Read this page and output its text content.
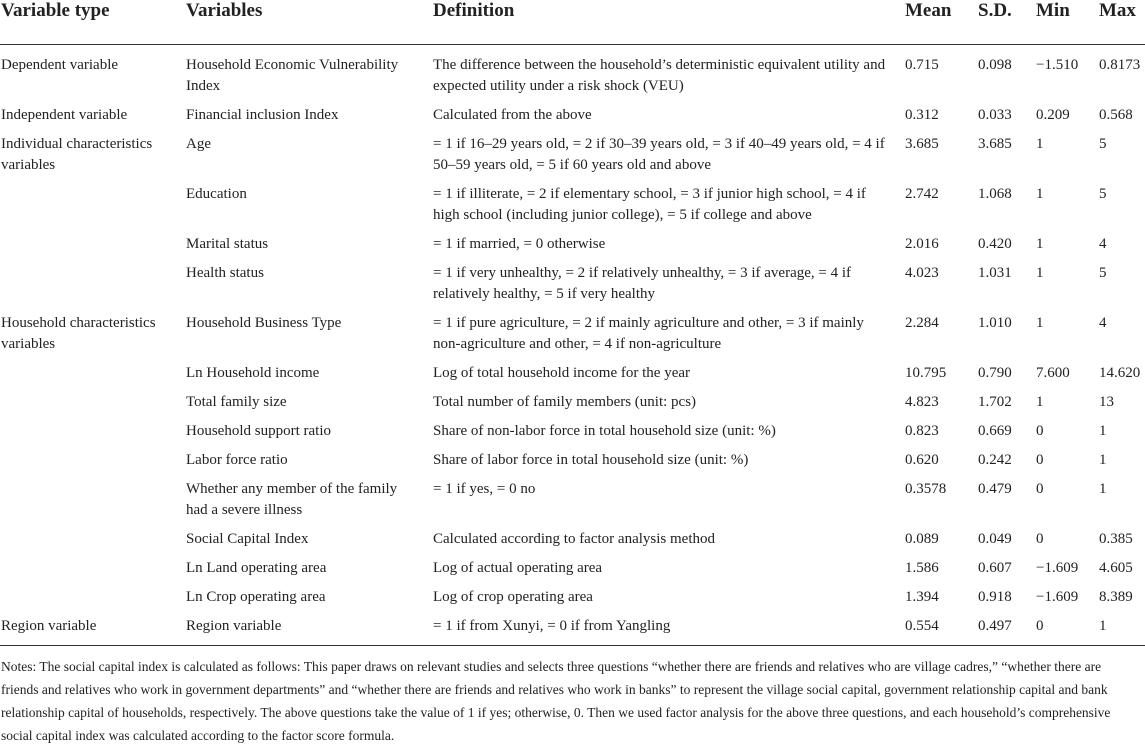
Variable type	Variables	Definition	Mean	S.D.	Min	Max
Dependent variable	Household Economic Vulnerability Index	The difference between the household’s deterministic equivalent utility and expected utility under a risk shock (VEU)	0.715	0.098	−1.510	0.8173
Independent variable	Financial inclusion Index	Calculated from the above	0.312	0.033	0.209	0.568
Individual characteristics variables	Age	= 1 if 16–29 years old, = 2 if 30–39 years old, = 3 if 40–49 years old, = 4 if 50–59 years old, = 5 if 60 years old and above	3.685	3.685	1	5
	Education	= 1 if illiterate, = 2 if elementary school, = 3 if junior high school, = 4 if high school (including junior college), = 5 if college and above	2.742	1.068	1	5
	Marital status	= 1 if married, = 0 otherwise	2.016	0.420	1	4
	Health status	= 1 if very unhealthy, = 2 if relatively unhealthy, = 3 if average, = 4 if relatively healthy, = 5 if very healthy	4.023	1.031	1	5
Household characteristics variables	Household Business Type	= 1 if pure agriculture, = 2 if mainly agriculture and other, = 3 if mainly non-agriculture and other, = 4 if non-agriculture	2.284	1.010	1	4
	Ln Household income	Log of total household income for the year	10.795	0.790	7.600	14.620
	Total family size	Total number of family members (unit: pcs)	4.823	1.702	1	13
	Household support ratio	Share of non-labor force in total household size (unit: %)	0.823	0.669	0	1
	Labor force ratio	Share of labor force in total household size (unit: %)	0.620	0.242	0	1
	Whether any member of the family had a severe illness	= 1 if yes, = 0 no	0.3578	0.479	0	1
	Social Capital Index	Calculated according to factor analysis method	0.089	0.049	0	0.385
	Ln Land operating area	Log of actual operating area	1.586	0.607	−1.609	4.605
	Ln Crop operating area	Log of crop operating area	1.394	0.918	−1.609	8.389
Region variable	Region variable	= 1 if from Xunyi, = 0 if from Yangling	0.554	0.497	0	1
Notes: The social capital index is calculated as follows: This paper draws on relevant studies and selects three questions “whether there are friends and relatives who are village cadres,” “whether there are friends and relatives who work in government departments” and “whether there are friends and relatives who work in banks” to represent the village social capital, government relationship capital and bank relationship capital of households, respectively. The above questions take the value of 1 if yes; otherwise, 0. Then we used factor analysis for the above three questions, and each household’s comprehensive social capital index was calculated according to the factor score formula.
